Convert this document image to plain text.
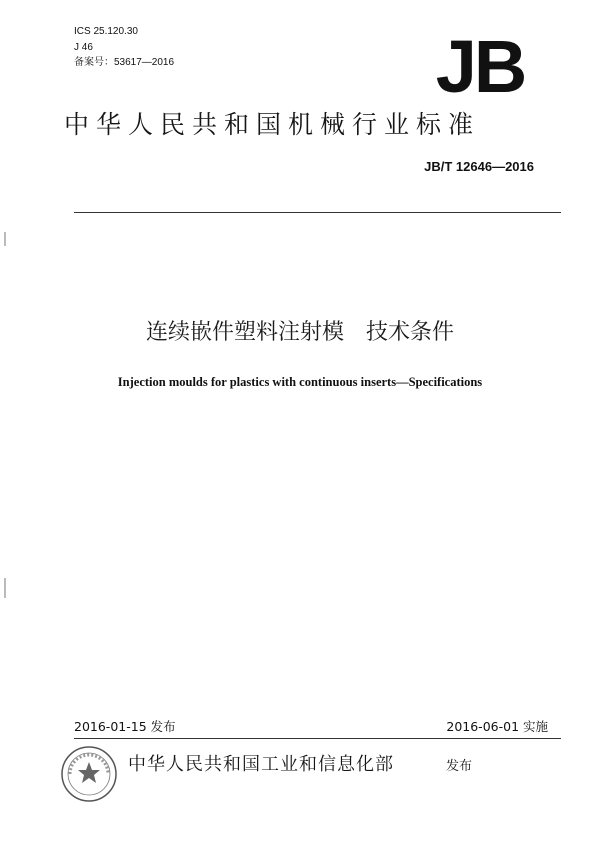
ICS 25.120.30
J 46
备案号：53617—2016	JB
中华人民共和国机械行业标准
JB/T 12646—2016
连续嵌件塑料注射模　技术条件
Injection moulds for plastics with continuous inserts—Specifications
2016-01-15 发布	2016-06-01 实施
中华人民共和国工业和信息化部	发布
